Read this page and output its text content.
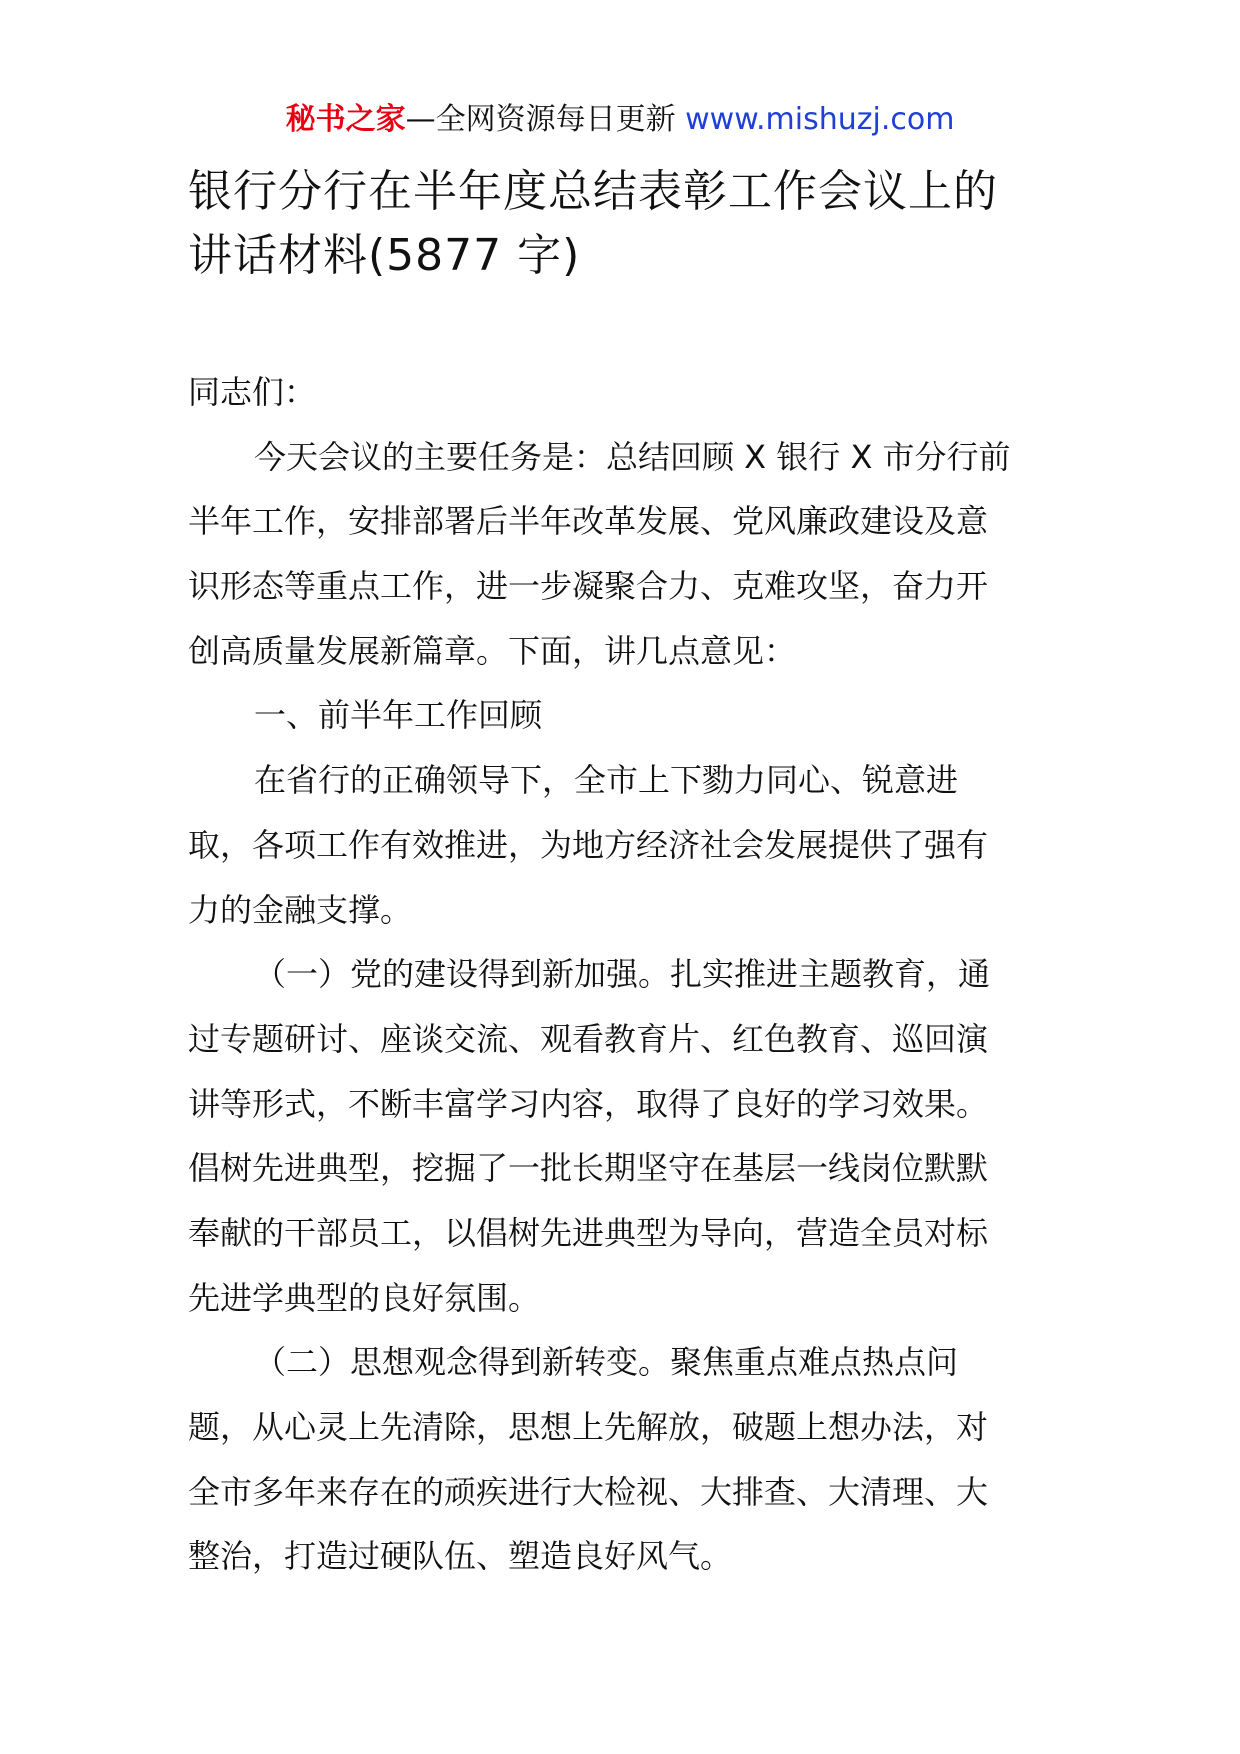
秘书之家—全网资源每日更新 www.mishuzj.com
银行分行在半年度总结表彰工作会议上的
讲话材料(5877 字)
同志们：
今天会议的主要任务是：总结回顾 X 银行 X 市分行前
半年工作，安排部署后半年改革发展、党风廉政建设及意
识形态等重点工作，进一步凝聚合力、克难攻坚，奋力开
创高质量发展新篇章。下面，讲几点意见：
一、前半年工作回顾
在省行的正确领导下，全市上下勠力同心、锐意进
取，各项工作有效推进，为地方经济社会发展提供了强有
力的金融支撑。
（一）党的建设得到新加强。扎实推进主题教育，通
过专题研讨、座谈交流、观看教育片、红色教育、巡回演
讲等形式，不断丰富学习内容，取得了良好的学习效果。
倡树先进典型，挖掘了一批长期坚守在基层一线岗位默默
奉献的干部员工，以倡树先进典型为导向，营造全员对标
先进学典型的良好氛围。
（二）思想观念得到新转变。聚焦重点难点热点问
题，从心灵上先清除，思想上先解放，破题上想办法，对
全市多年来存在的顽疾进行大检视、大排查、大清理、大
整治，打造过硬队伍、塑造良好风气。
